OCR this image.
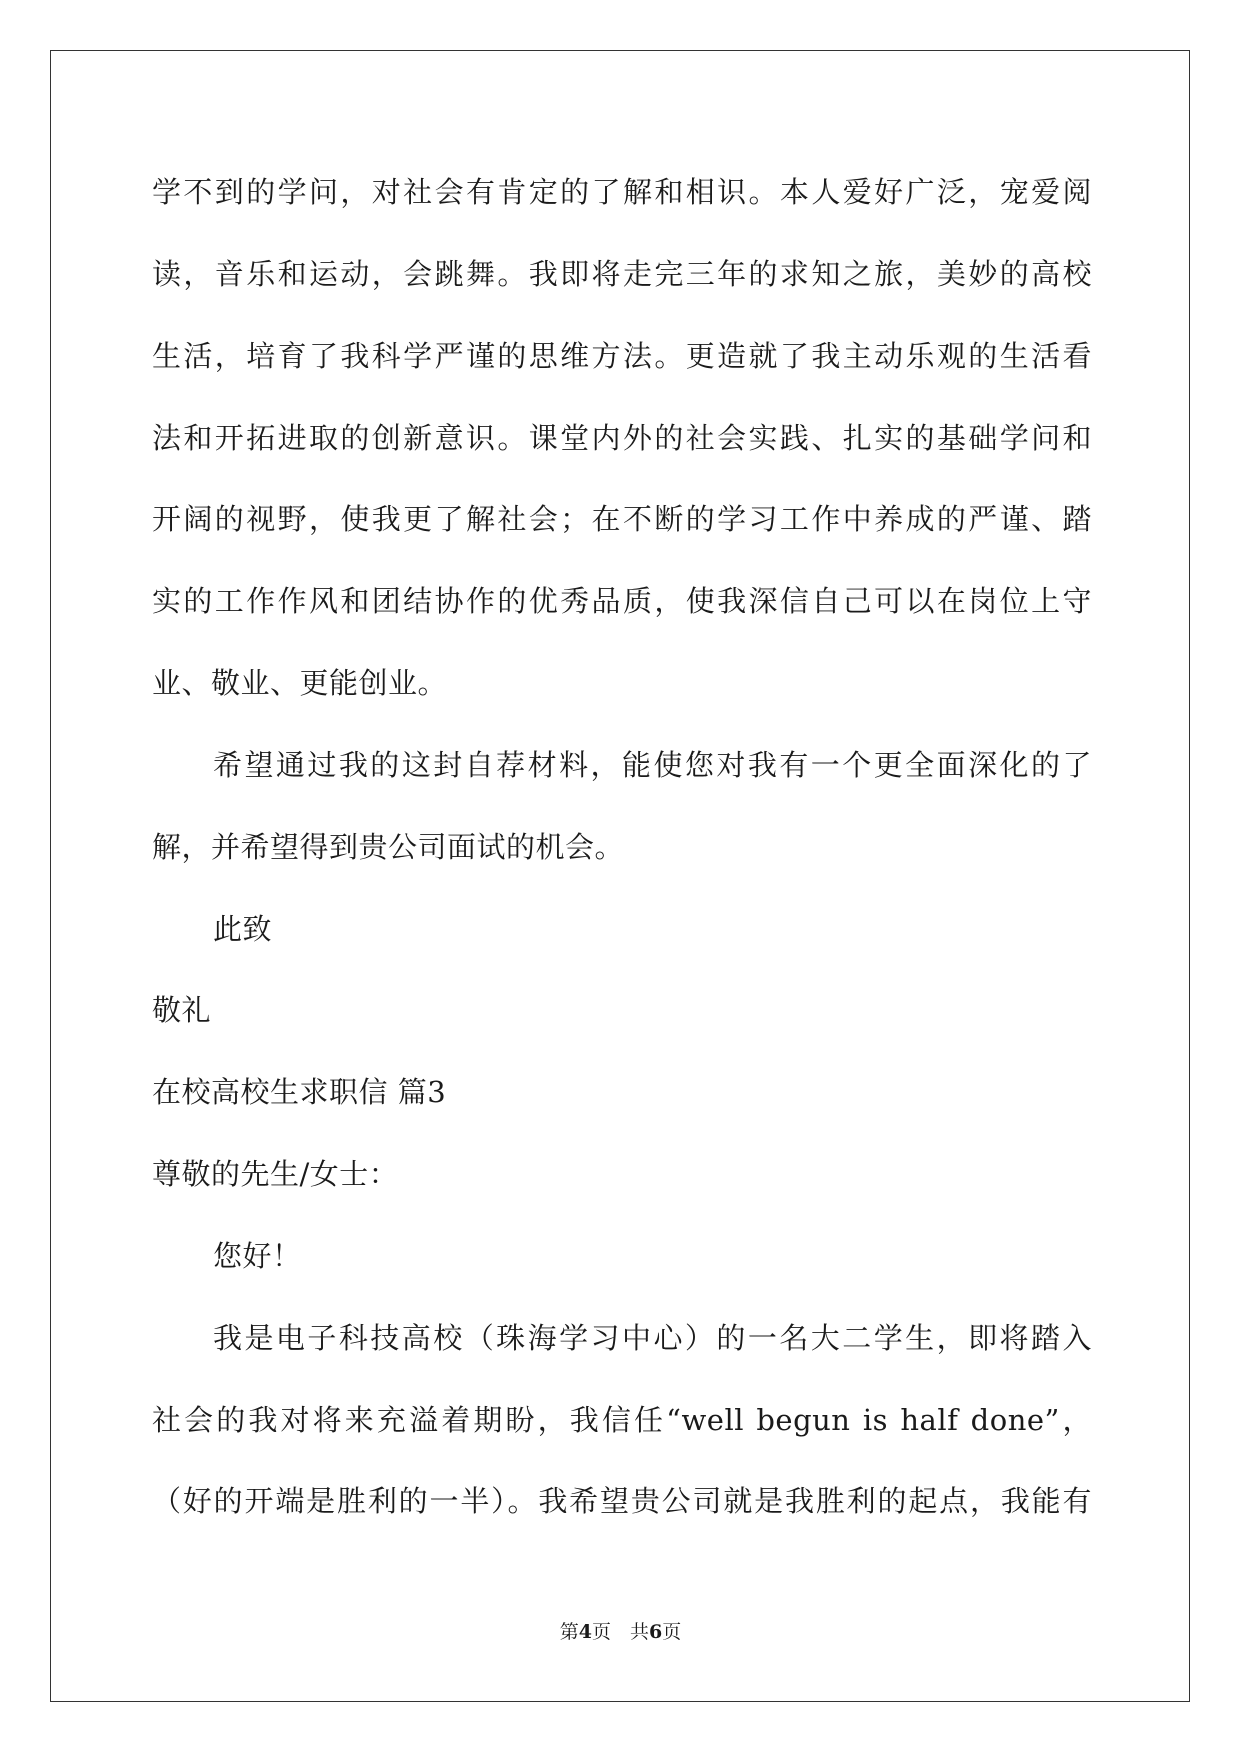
学不到的学问，对社会有肯定的了解和相识。本人爱好广泛，宠爱阅
读，音乐和运动，会跳舞。我即将走完三年的求知之旅，美妙的高校
生活，培育了我科学严谨的思维方法。更造就了我主动乐观的生活看
法和开拓进取的创新意识。课堂内外的社会实践、扎实的基础学问和
开阔的视野，使我更了解社会；在不断的学习工作中养成的严谨、踏
实的工作作风和团结协作的优秀品质，使我深信自己可以在岗位上守
业、敬业、更能创业。
希望通过我的这封自荐材料，能使您对我有一个更全面深化的了
解，并希望得到贵公司面试的机会。
此致
敬礼
在校高校生求职信 篇3
尊敬的先生/女士：
您好！
我是电子科技高校（珠海学习中心）的一名大二学生，即将踏入
社会的我对将来充溢着期盼，我信任“well begun is half done”，
（好的开端是胜利的一半）。我希望贵公司就是我胜利的起点，我能有
第4页　共6页
